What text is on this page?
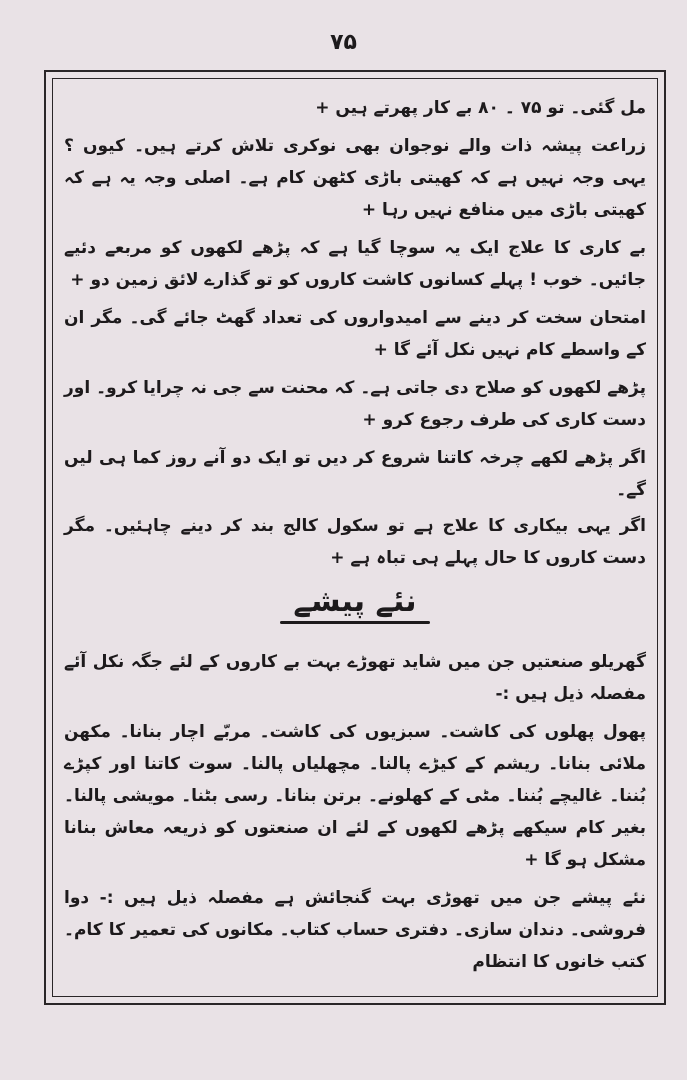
۷۵

مل گئی۔ تو ۷۵ ۔ ۸۰ بے کار پھرتے ہیں +

زراعت پیشہ ذات والے نوجوان بھی نوکری تلاش کرتے ہیں۔ کیوں ؟ یہی وجہ نہیں ہے کہ کھیتی باڑی کٹھن کام ہے۔ اصلی وجہ یہ ہے کہ کھیتی باڑی میں منافع نہیں رہا +

بے کاری کا علاج ایک یہ سوچا گیا ہے کہ پڑھے لکھوں کو مربعے دئیے جائیں۔ خوب ! پہلے کسانوں کاشت کاروں کو تو گذارے لائق زمین دو +

امتحان سخت کر دینے سے امیدواروں کی تعداد گھٹ جائے گی۔ مگر ان کے واسطے کام نہیں نکل آئے گا +

پڑھے لکھوں کو صلاح دی جاتی ہے۔ کہ محنت سے جی نہ چرایا کرو۔ اور دست کاری کی طرف رجوع کرو +

اگر پڑھے لکھے چرخہ کاتنا شروع کر دیں تو ایک دو آنے روز کما ہی لیں گے۔

اگر یہی بیکاری کا علاج ہے تو سکول کالج بند کر دینے چاہئیں۔ مگر دست کاروں کا حال پہلے ہی تباہ ہے +

نئے پیشے

گھریلو صنعتیں جن میں شاید تھوڑے بہت بے کاروں کے لئے جگہ نکل آئے مفصلہ ذیل ہیں :-

پھول پھلوں کی کاشت۔ سبزیوں کی کاشت۔ مربّے اچار بنانا۔ مکھن ملائی بنانا۔ ریشم کے کیڑے پالنا۔ مچھلیاں پالنا۔ سوت کاتنا اور کپڑے بُننا۔ غالیچے بُننا۔ مٹی کے کھلونے۔ برتن بنانا۔ رسی بٹنا۔ مویشی پالنا۔ بغیر کام سیکھے پڑھے لکھوں کے لئے ان صنعتوں کو ذریعہ معاش بنانا مشکل ہو گا +

نئے پیشے جن میں تھوڑی بہت گنجائش ہے مفصلہ ذیل ہیں :- دوا فروشی۔ دندان سازی۔ دفتری حساب کتاب۔ مکانوں کی تعمیر کا کام۔ کتب خانوں کا انتظام
